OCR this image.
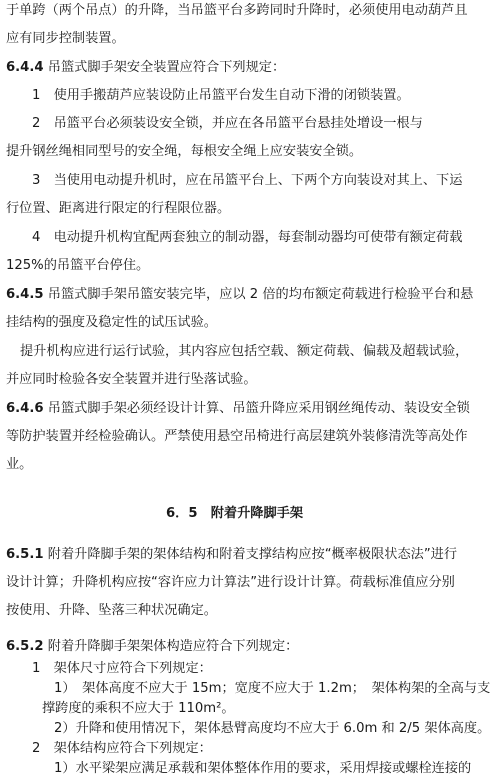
于单跨（两个吊点）的升降，当吊篮平台多跨同时升降时，必须使用电动葫芦且
应有同步控制装置。
6.4.4 吊篮式脚手架安全装置应符合下列规定：
1　使用手搬葫芦应装设防止吊篮平台发生自动下滑的闭锁装置。
2　吊篮平台必须装设安全锁，并应在各吊篮平台悬挂处增设一根与
提升钢丝绳相同型号的安全绳，每根安全绳上应安装安全锁。
3　当使用电动提升机时，应在吊篮平台上、下两个方向装设对其上、下运
行位置、距离进行限定的行程限位器。
4　电动提升机构宜配两套独立的制动器，每套制动器均可使带有额定荷载
125%的吊篮平台停住。
6.4.5 吊篮式脚手架吊篮安装完毕，应以 2 倍的均布额定荷载进行检验平台和悬
挂结构的强度及稳定性的试压试验。
提升机构应进行运行试验，其内容应包括空载、额定荷载、偏载及超载试验，
并应同时检验各安全装置并进行坠落试验。
6.4.6 吊篮式脚手架必须经设计计算、吊篮升降应采用钢丝绳传动、装设安全锁
等防护装置并经检验确认。严禁使用悬空吊椅进行高层建筑外装修清洗等高处作
业。
6．5　附着升降脚手架
6.5.1 附着升降脚手架的架体结构和附着支撑结构应按“概率极限状态法”进行
设计计算；升降机构应按“容许应力计算法”进行设计计算。荷载标准值应分别
按使用、升降、坠落三种状况确定。
6.5.2 附着升降脚手架架体构造应符合下列规定：
1　架体尺寸应符合下列规定：
1）　架体高度不应大于 15m；宽度不应大于 1.2m；　架体构架的全高与支
撑跨度的乘积不应大于 110m²。
2）升降和使用情况下，架体悬臂高度均不应大于 6.0m 和 2/5 架体高度。
2　架体结构应符合下列规定：
1）水平梁架应满足承载和架体整体作用的要求，采用焊接或螺栓连接的
